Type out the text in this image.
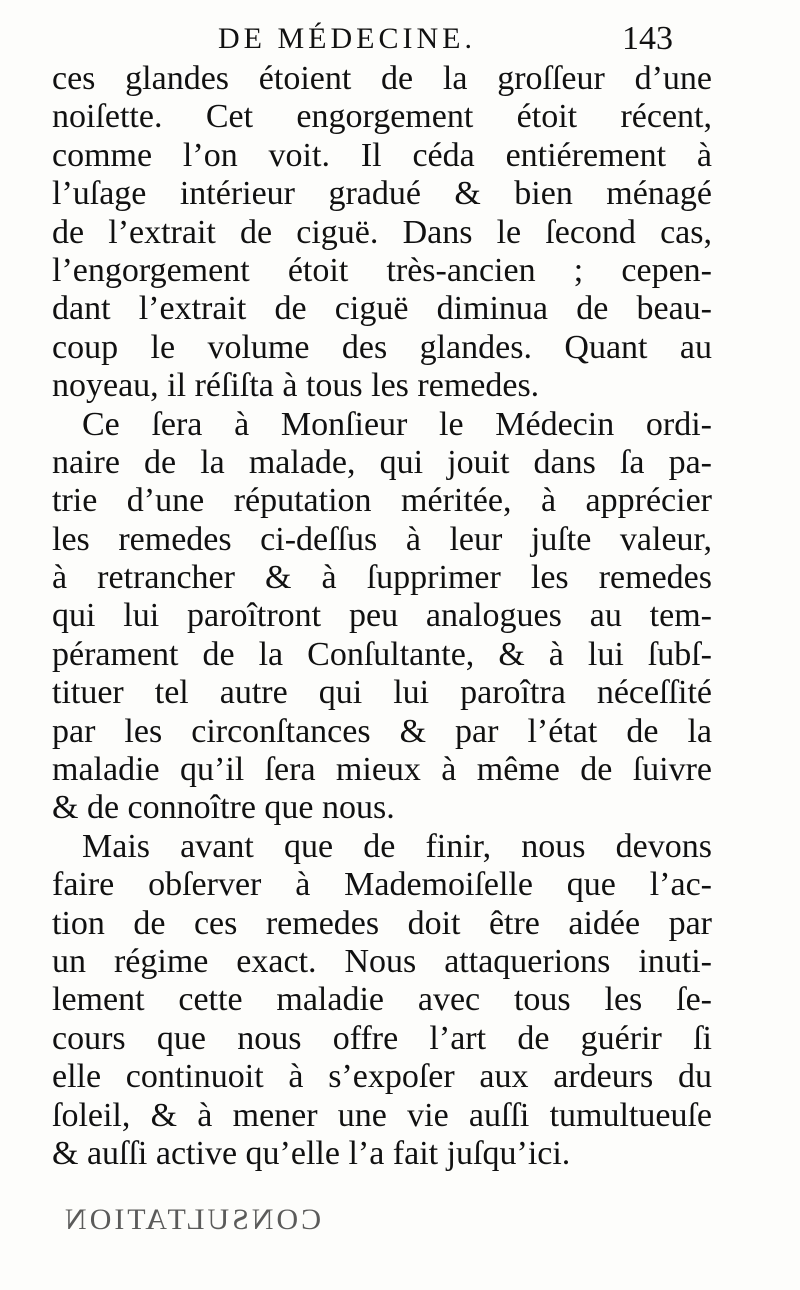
DE MÉDECINE.	143
ces glandes étoient de la groſſeur d’une
noiſette. Cet engorgement étoit récent,
comme l’on voit. Il céda entiérement à
l’uſage intérieur gradué & bien ménagé
de l’extrait de ciguë. Dans le ſecond cas,
l’engorgement étoit très-ancien ; cepen-
dant l’extrait de ciguë diminua de beau-
coup le volume des glandes. Quant au
noyeau, il réſiſta à tous les remedes.
Ce ſera à Monſieur le Médecin ordi-
naire de la malade, qui jouit dans ſa pa-
trie d’une réputation méritée, à apprécier
les remedes ci-deſſus à leur juſte valeur,
à retrancher & à ſupprimer les remedes
qui lui paroîtront peu analogues au tem-
pérament de la Conſultante, & à lui ſubſ-
tituer tel autre qui lui paroîtra néceſſité
par les circonſtances & par l’état de la
maladie qu’il ſera mieux à même de ſuivre
& de connoître que nous.
Mais avant que de finir, nous devons
faire obſerver à Mademoiſelle que l’ac-
tion de ces remedes doit être aidée par
un régime exact. Nous attaquerions inuti-
lement cette maladie avec tous les ſe-
cours que nous offre l’art de guérir ſi
elle continuoit à s’expoſer aux ardeurs du
ſoleil, & à mener une vie auſſi tumultueuſe
& auſſi active qu’elle l’a fait juſqu’ici.
CONSULTATION
